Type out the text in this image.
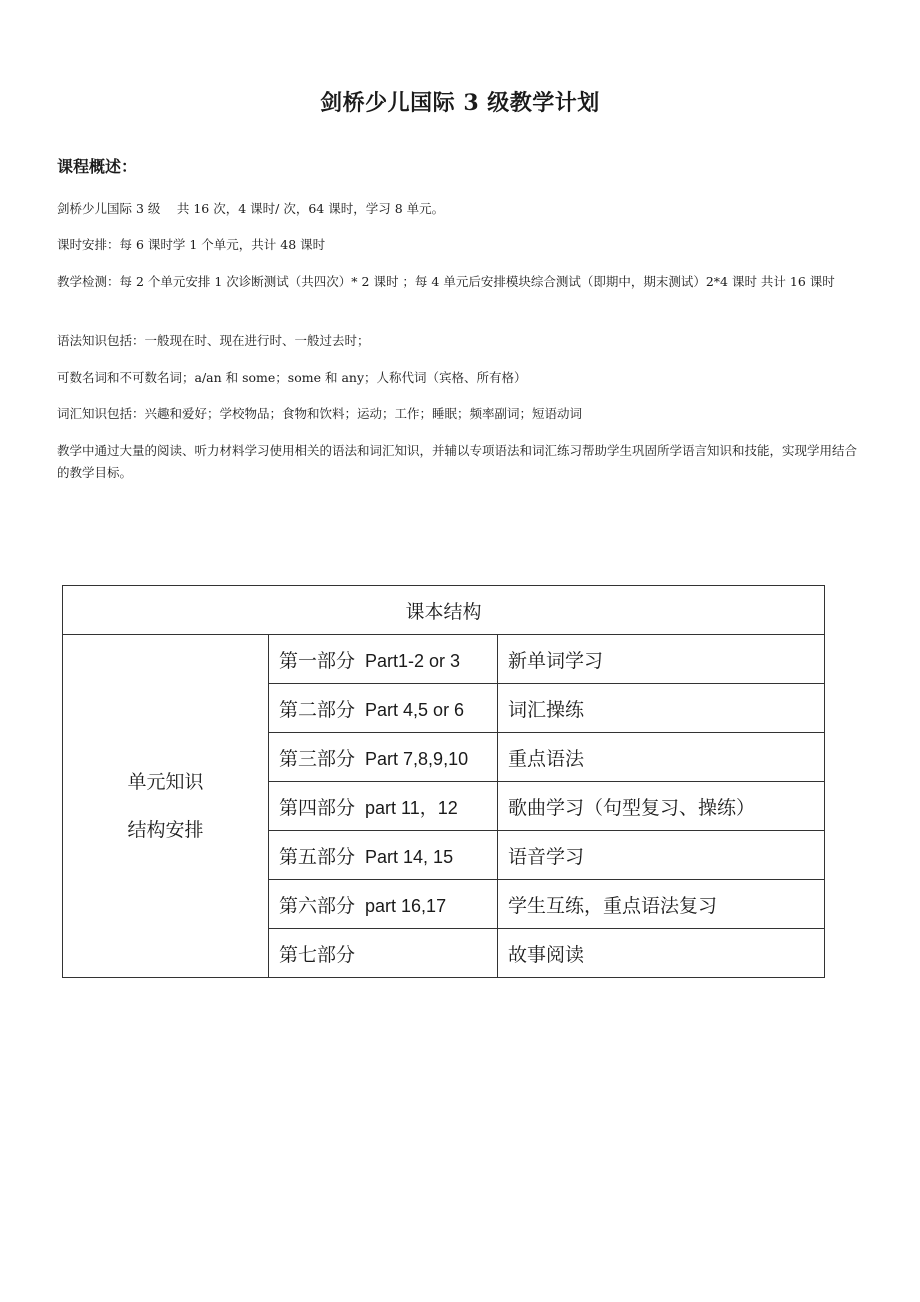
剑桥少儿国际 3 级教学计划
课程概述：
剑桥少儿国际 3 级　 共 16 次，4 课时/ 次，64 课时，学习 8 单元。
课时安排：每 6 课时学 1 个单元，共计 48 课时
教学检测：每 2 个单元安排 1 次诊断测试（共四次）* 2 课时 ；每 4 单元后安排模块综合测试（即期中，期末测试）2*4 课时 共计 16 课时
语法知识包括：一般现在时、现在进行时、一般过去时；
可数名词和不可数名词；a/an 和 some；some 和 any；人称代词（宾格、所有格）
词汇知识包括：兴趣和爱好；学校物品；食物和饮料；运动；工作；睡眠；频率副词；短语动词
教学中通过大量的阅读、听力材料学习使用相关的语法和词汇知识，并辅以专项语法和词汇练习帮助学生巩固所学语言知识和技能，实现学用结合的教学目标。
课本结构		

单元知识
结构安排	第一部分 Part1-2 or 3	新单词学习
	第二部分 Part 4,5 or 6	词汇操练
	第三部分 Part 7,8,9,10	重点语法
	第四部分 part 11，12	歌曲学习（句型复习、操练）
	第五部分 Part 14, 15	语音学习
	第六部分 part 16,17	学生互练，重点语法复习
	第七部分	故事阅读
